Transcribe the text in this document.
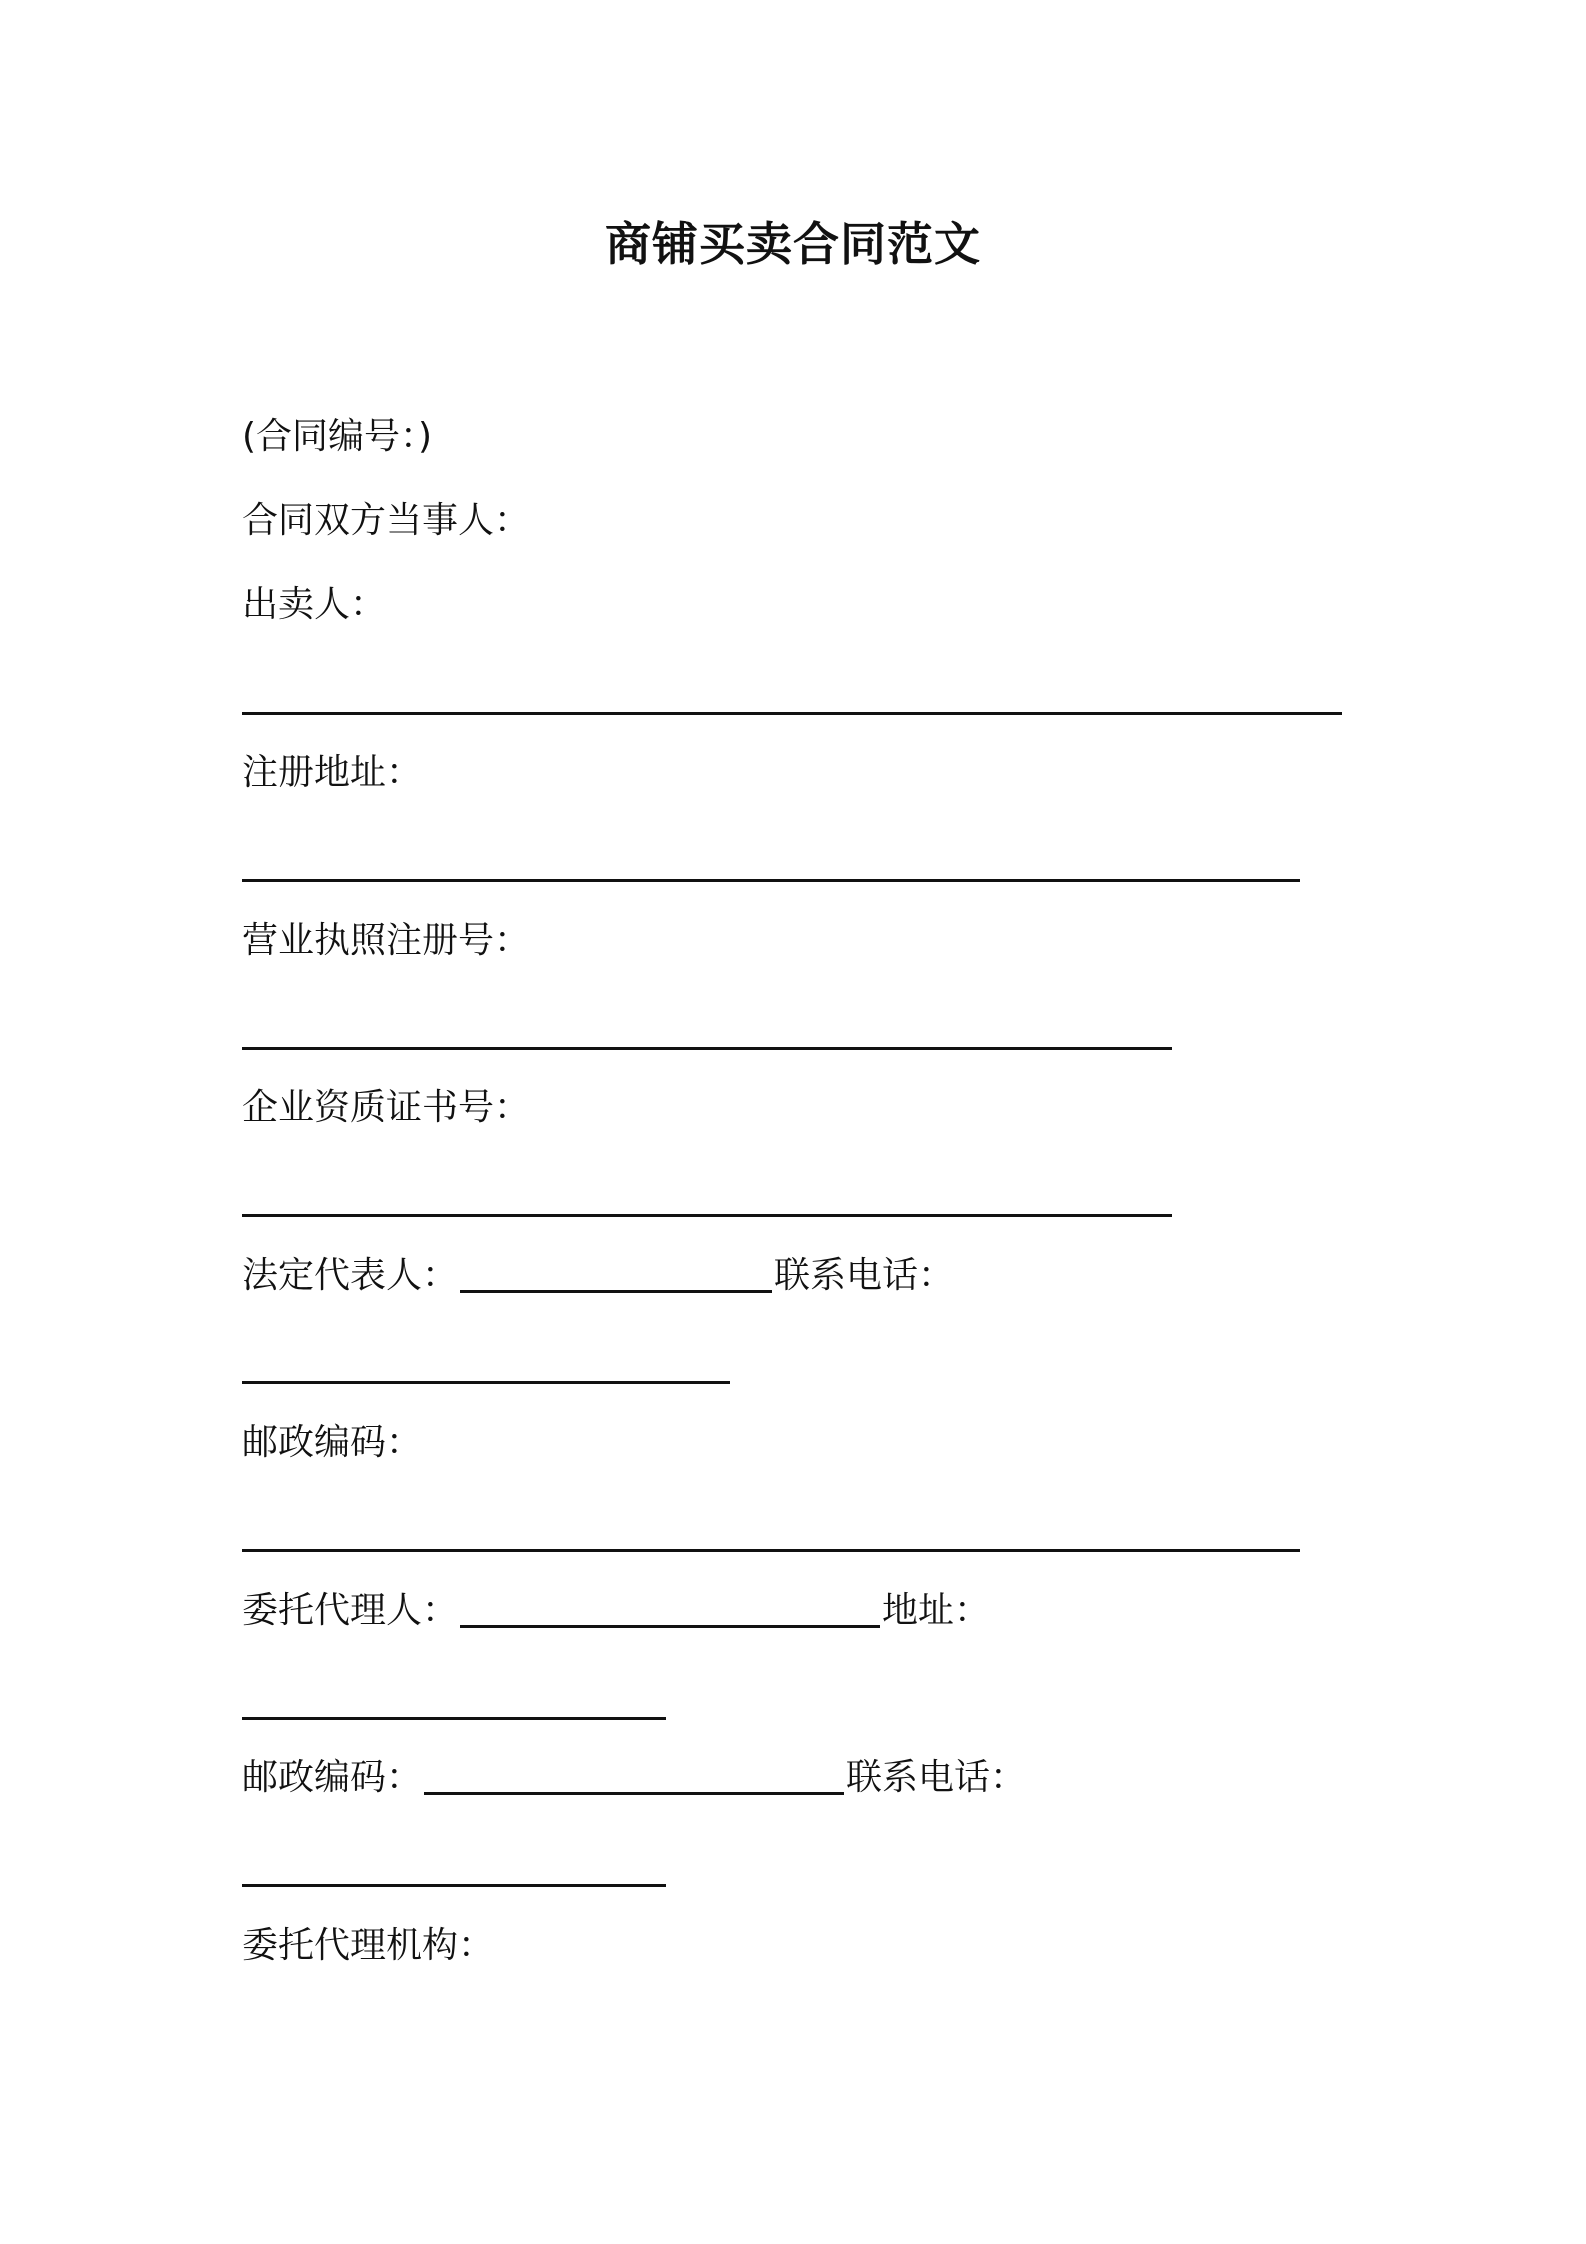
商铺买卖合同范文
(合同编号：)
合同双方当事人：
出卖人：
注册地址：
营业执照注册号：
企业资质证书号：
法定代表人：	联系电话：
邮政编码：
委托代理人：	地址：
邮政编码：	联系电话：
委托代理机构：
